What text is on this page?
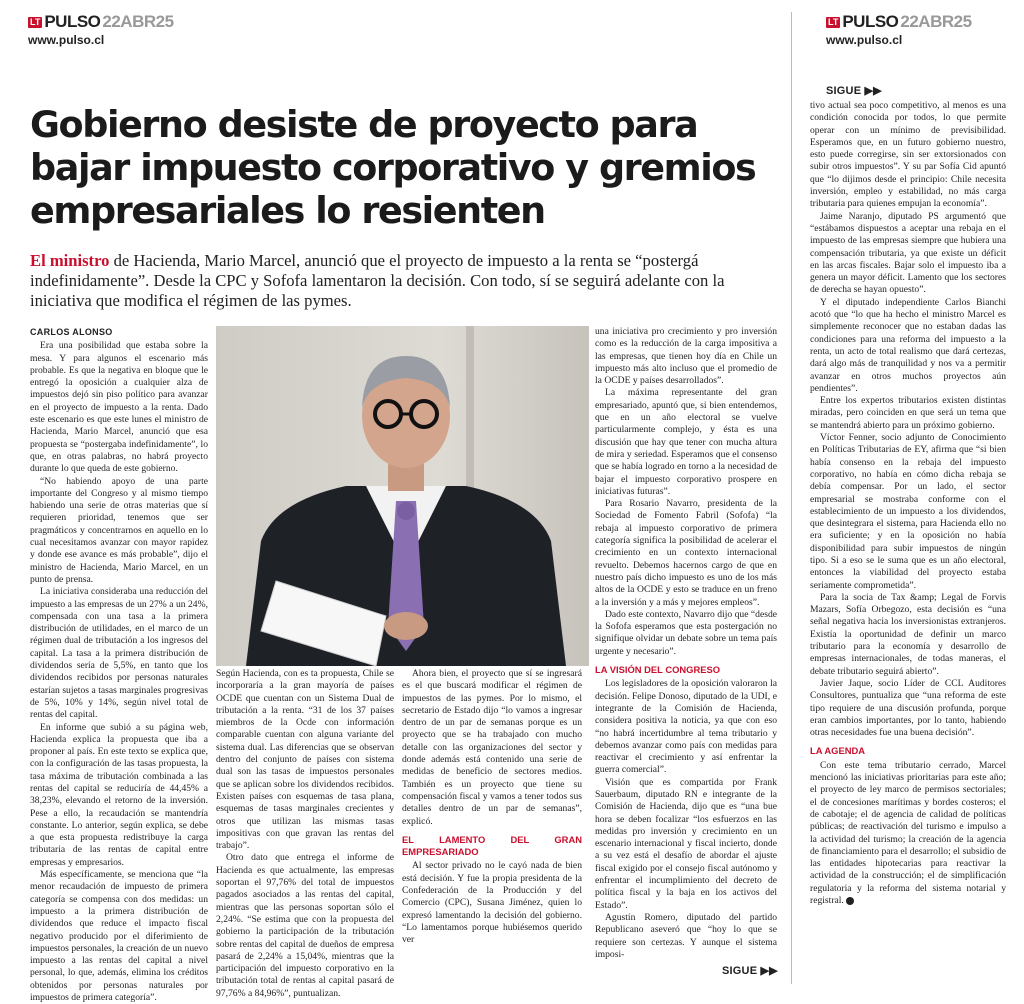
LT PULSO 22ABR25
www.pulso.cl
Gobierno desiste de proyecto para bajar impuesto corporativo y gremios empresariales lo resienten

El ministro de Hacienda, Mario Marcel, anunció que el proyecto de impuesto a la renta se “postergá indefinidamente”. Desde la CPC y Sofofa lamentaron la decisión. Con todo, sí se seguirá adelante con la iniciativa que modifica el régimen de las pymes.

CARLOS ALONSO

Era una posibilidad que estaba sobre la mesa. Y para algunos el escenario más probable. Es que la negativa en bloque que le entregó la oposición a cualquier alza de impuestos dejó sin piso político para avanzar en el proyecto de impuesto a la renta. Dado este escenario es que este lunes el ministro de Hacienda, Mario Marcel, anunció que esa propuesta se “postergaba indefinidamente”, lo que, en otras palabras, no habrá proyecto durante lo que queda de este gobierno.

“No habiendo apoyo de una parte importante del Congreso y al mismo tiempo habiendo una serie de otras materias que sí requieren prioridad, tenemos que ser pragmáticos y concentrarnos en aquello en lo cual necesitamos avanzar con mayor rapidez y donde ese avance es más probable”, dijo el ministro de Hacienda, Mario Marcel, en un punto de prensa.

La iniciativa consideraba una reducción del impuesto a las empresas de un 27% a un 24%, compensada con una tasa a la primera distribución de utilidades, en el marco de un régimen dual de tributación a los ingresos del capital. La tasa a la primera distribución de dividendos sería de 5,5%, en tanto que los dividendos recibidos por personas naturales estarían sujetos a tasas marginales progresivas de 5%, 10% y 14%, según nivel total de rentas del capital.

En informe que subió a su página web, Hacienda explica la propuesta que iba a proponer al país. En este texto se explica que, con la configuración de las tasas propuesta, la tasa máxima de tributación combinada a las rentas del capital se reduciría de 44,45% a 38,23%, elevando el retorno de la inversión. Pese a ello, la recaudación se mantendría constante. Lo anterior, según explica, se debe a que esta propuesta redistribuye la carga tributaria de las rentas de capital entre empresas y empresarios.

Más específicamente, se menciona que “la menor recaudación de impuesto de primera categoría se compensa con dos medidas: un impuesto a la primera distribución de dividendos que reduce el impacto fiscal negativo producido por el diferimiento de impuestos personales, la creación de un nuevo impuesto a las rentas del capital a nivel personal, lo que, además, elimina los créditos obtenidos por personas naturales por impuestos de primera categoría”.

Según Hacienda, con es ta propuesta, Chile se incorporaría a la gran mayoría de países OCDE que cuentan con un Sistema Dual de tributación a la renta. “31 de los 37 países miembros de la Ocde con información comparable cuentan con alguna variante del sistema dual. Las diferencias que se observan dentro del conjunto de países con sistema dual son las tasas de impuestos personales que se aplican sobre los dividendos recibidos. Existen países con esquemas de tasa plana, esquemas de tasas marginales crecientes y otros que utilizan las mismas tasas impositivas con que gravan las rentas del trabajo”.

Otro dato que entrega el informe de Hacienda es que actualmente, las empresas soportan el 97,76% del total de impuestos pagados asociados a las rentas del capital, mientras que las personas soportan sólo el 2,24%. “Se estima que con la propuesta del gobierno la participación de la tributación sobre rentas del capital de dueños de empresa pasará de 2,24% a 15,04%, mientras que la participación del impuesto corporativo en la tributación total de rentas al capital pasará de 97,76% a 84,96%”, puntualizan.

Ahora bien, el proyecto que sí se ingresará es el que buscará modificar el régimen de impuestos de las pymes. Por lo mismo, el secretario de Estado dijo “lo vamos a ingresar dentro de un par de semanas porque es un proyecto que se ha trabajado con mucho detalle con las organizaciones del sector y donde además está contenido una serie de medidas de beneficio de sectores medios. También es un proyecto que tiene su compensación fiscal y vamos a tener todos sus detalles dentro de un par de semanas”, explicó.

EL LAMENTO DEL GRAN EMPRESARIADO

Al sector privado no le cayó nada de bien está decisión. Y fue la propia presidenta de la Confederación de la Producción y del Comercio (CPC), Susana Jiménez, quien lo expresó lamentando la decisión del gobierno. “Lo lamentamos porque hubiésemos querido ver

una iniciativa pro crecimiento y pro inversión como es la reducción de la carga impositiva a las empresas, que tienen hoy día en Chile un impuesto más alto incluso que el promedio de la OCDE y países desarrollados”.

La máxima representante del gran empresariado, apuntó que, si bien entendemos, que en un año electoral se vuelve particularmente complejo, y ésta es una discusión que hay que tener con mucha altura de mira y seriedad. Esperamos que el consenso que se había logrado en torno a la necesidad de bajar el impuesto corporativo prospere en iniciativas futuras”.

Para Rosario Navarro, presidenta de la Sociedad de Fomento Fabril (Sofofa) “la rebaja al impuesto corporativo de primera categoría significa la posibilidad de acelerar el crecimiento en un contexto internacional revuelto. Debemos hacernos cargo de que en nuestro país dicho impuesto es uno de los más altos de la OCDE y esto se traduce en un freno a la inversión y a más y mejores empleos”.

Dado este contexto, Navarro dijo que “desde la Sofofa esperamos que esta postergación no signifique olvidar un debate sobre un tema país urgente y necesario”.

LA VISIÓN DEL CONGRESO

Los legisladores de la oposición valoraron la decisión. Felipe Donoso, diputado de la UDI, e integrante de la Comisión de Hacienda, considera positiva la noticia, ya que con eso “no habrá incertidumbre al tema tributario y debemos avanzar como país con medidas para reactivar el crecimiento y así enfrentar la guerra comercial”.

Visión que es compartida por Frank Sauerbaum, diputado RN e integrante de la Comisión de Hacienda, dijo que es “una bue hora se deben focalizar “los esfuerzos en las medidas pro inversión y crecimiento en un escenario internacional y fiscal incierto, donde a su vez está el desafío de abordar el ajuste fiscal exigido por el consejo fiscal autónomo y enfrentar el incumplimiento del decreto de política fiscal y la baja en los activos del Estado”.

Agustín Romero, diputado del partido Republicano aseveró que “hoy lo que se requiere son certezas. Y aunque el sistema imposi-

SIGUE ▶▶
LT PULSO 22ABR25
www.pulso.cl
SIGUE ▶▶

tivo actual sea poco competitivo, al menos es una condición conocida por todos, lo que permite operar con un mínimo de previsibilidad. Esperamos que, en un futuro gobierno nuestro, esto puede corregirse, sin ser extorsionados con subir otros impuestos”. Y su par Sofía Cid apuntó que “lo dijimos desde el principio: Chile necesita inversión, empleo y estabilidad, no más carga tributaria para quienes empujan la economía”.

Jaime Naranjo, diputado PS argumentó que “estábamos dispuestos a aceptar una rebaja en el impuesto de las empresas siempre que hubiera una compensación tributaria, ya que existe un déficit en las arcas fiscales. Bajar solo el impuesto iba a genera un mayor déficit. Lamento que los sectores de derecha se hayan opuesto”.

Y el diputado independiente Carlos Bianchi acotó que “lo que ha hecho el ministro Marcel es simplemente reconocer que no estaban dadas las condiciones para una reforma del impuesto a la renta, un acto de total realismo que dará certezas, dará algo más de tranquilidad y nos va a permitir avanzar en otros muchos proyectos aún pendientes”.

Entre los expertos tributarios existen distintas miradas, pero coinciden en que será un tema que se mantendrá abierto para un próximo gobierno.

Víctor Fenner, socio adjunto de Conocimiento en Políticas Tributarias de EY, afirma que “si bien había consenso en la rebaja del impuesto corporativo, no había en cómo dicha rebaja se debía compensar. Por un lado, el sector empresarial se mostraba conforme con el establecimiento de un impuesto a los dividendos, que desintegrara el sistema, para Hacienda ello no era suficiente; y en la oposición no había disponibilidad para subir impuestos de ningún tipo. Si a eso se le suma que es un año electoral, entonces la viabilidad del proyecto estaba seriamente comprometida”.

Para la socia de Tax &amp; Legal de Forvis Mazars, Sofía Orbegozo, esta decisión es “una señal negativa hacia los inversionistas extranjeros. Existía la oportunidad de definir un marco tributario para la economía y desarrollo de empresas internacionales, de todas maneras, el debate tributario seguirá abierto”.

Javier Jaque, socio Líder de CCL Auditores Consultores, puntualiza que “una reforma de este tipo requiere de una discusión profunda, porque eran cambios importantes, por lo tanto, habiendo otras necesidades fue una buena decisión”.

LA AGENDA

Con este tema tributario cerrado, Marcel mencionó las iniciativas prioritarias para este año; el proyecto de ley marco de permisos sectoriales; el de concesiones marítimas y bordes costeros; el de cabotaje; el de agencia de calidad de políticas públicas; de reactivación del turismo e impulso a la actividad del turismo; la creación de la agencia de financiamiento para el desarrollo; el subsidio de las entidades hipotecarias para reactivar la actividad de la construcción; el de simplificación regulatoria y la reforma del sistema notarial y registral.
